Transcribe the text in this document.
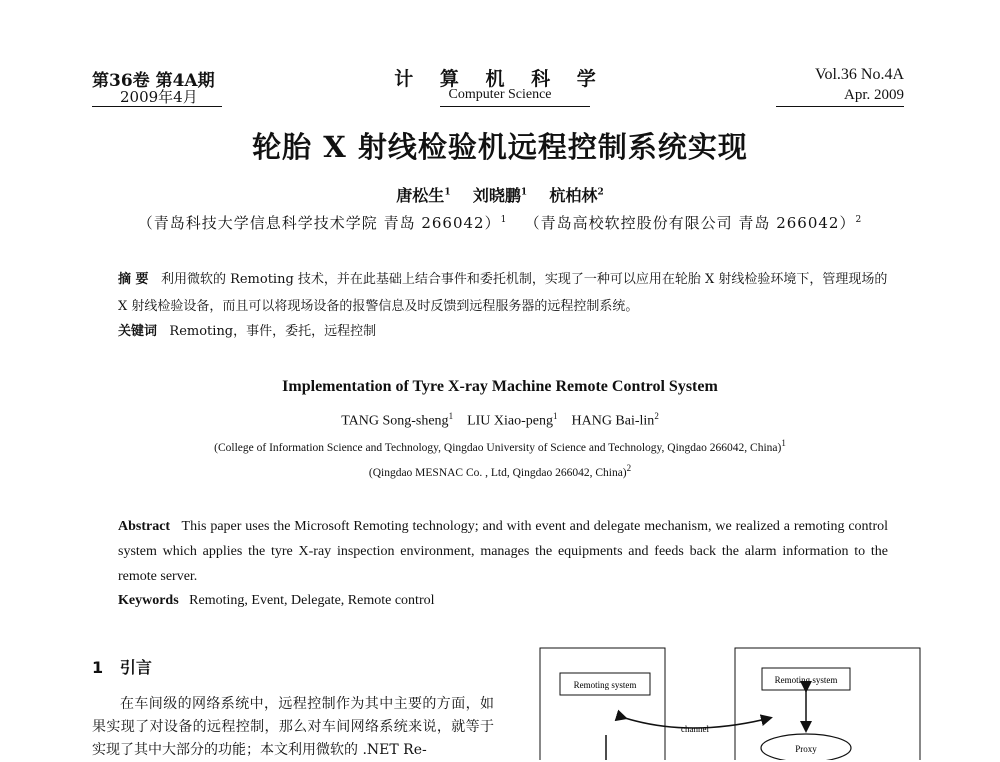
第36卷 第4A期
2009年4月
计 算 机 科 学
Computer Science
Vol.36 No.4A
Apr. 2009
轮胎 X 射线检验机远程控制系统实现
唐松生$^1$ 刘晓鹏$^1$ 杭柏林$^2$
（青岛科技大学信息科学技术学院 青岛 266042）$^1$ （青岛高校软控股份有限公司 青岛 266042）$^2$
摘 要 利用微软的 Remoting 技术，并在此基础上结合事件和委托机制，实现了一种可以应用在轮胎 X 射线检验环境下，管理现场的 X 射线检验设备，而且可以将现场设备的报警信息及时反馈到远程服务器的远程控制系统。
关键词 Remoting，事件，委托，远程控制
Implementation of Tyre X-ray Machine Remote Control System
TANG Song-sheng$^1$ LIU Xiao-peng$^1$ HANG Bai-lin$^2$
(College of Information Science and Technology, Qingdao University of Science and Technology, Qingdao 266042, China)$^1$
(Qingdao MESNAC Co. , Ltd, Qingdao 266042, China)$^2$
Abstract This paper uses the Microsoft Remoting technology; and with event and delegate mechanism, we realized a remoting control system which applies the tyre X-ray inspection environment, manages the equipments and feeds back the alarm information to the remote server.
Keywords Remoting, Event, Delegate, Remote control
1 引言
在车间级的网络系统中，远程控制作为其中主要的方面，如果实现了对设备的远程控制，那么对车间网络系统来说，就等于实现了其中大部分的功能；本文利用微软的 .NET Re-
Remoting system	Remoting system
channel
Proxy
